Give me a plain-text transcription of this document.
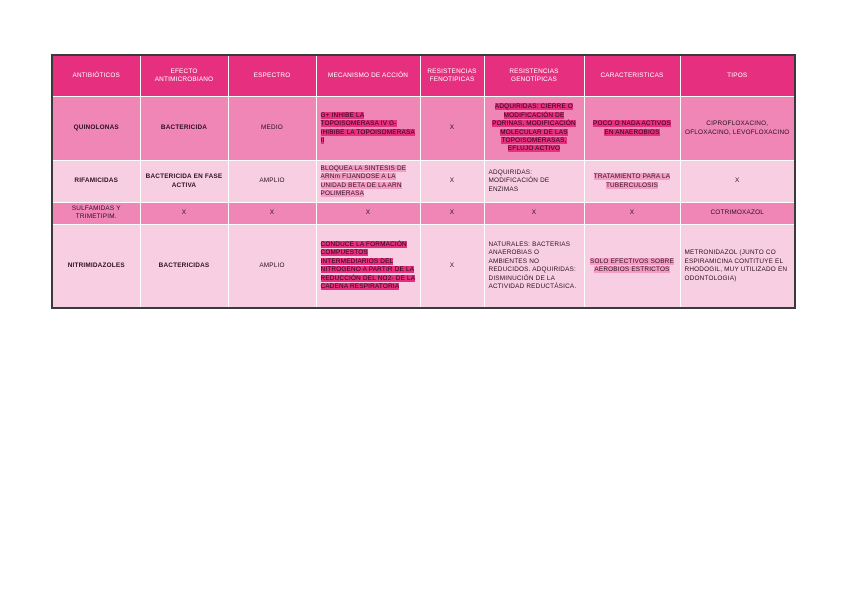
ANTIBIÓTICOS	EFECTO ANTIMICROBIANO	ESPECTRO	MECANISMO DE ACCIÓN	RESISTENCIAS FENOTIPICAS	RESISTENCIAS GENOTÍPICAS	CARACTERISTICAS	TIPOS
QUINOLONAS	BACTERICIDA	MEDIO	G+ INHIBE LA TOPOISOMERASA IV G- IHIBIBE LA TOPOISOMERASA II	X	ADQUIRIDAS: CIERRE O MODIFICACIÓN DE PORINAS, MODIFICACIÓN MOLECULAR DE LAS TOPOISOMERASAS, EFLUJO ACTIVO	POCO O NADA ACTIVOS EN ANAEROBIOS	CIPROFLOXACINO, OFLOXACINO, LEVOFLOXACINO
RIFAMICIDAS	BACTERICIDA EN FASE ACTIVA	AMPLIO	BLOQUEA LA SINTESIS DE ARNm FIJANDOSE A LA UNIDAD BETA DE LA ARN POLIMERASA	X	ADQUIRIDAS: MODIFICACIÓN DE ENZIMAS	TRATAMIENTO PARA LA TUBERCULOSIS	X
SULFAMIDAS Y TRIMETIPIM.	X	X	X	X	X	X	COTRIMOXAZOL
NITRIMIDAZOLES	BACTERICIDAS	AMPLIO	CONDUCE LA FORMACIÓN COMPUESTOS INTERMEDIARIOS DEL NITROGENO A PARTIR DE LA REDUCCIÓN DEL NO2- DE LA CADENA RESPIRATORIA	X	NATURALES: BACTERIAS ANAEROBIAS O AMBIENTES NO REDUCIDOS. ADQUIRIDAS: DISMINUCIÓN DE LA ACTIVIDAD REDUCTÁSICA.	SOLO EFECTIVOS SOBRE AEROBIOS ESTRICTOS	METRONIDAZOL (JUNTO CO ESPIRAMICINA CONTITUYE EL RHODOGIL, MUY UTILIZADO EN ODONTOLOGIA)
